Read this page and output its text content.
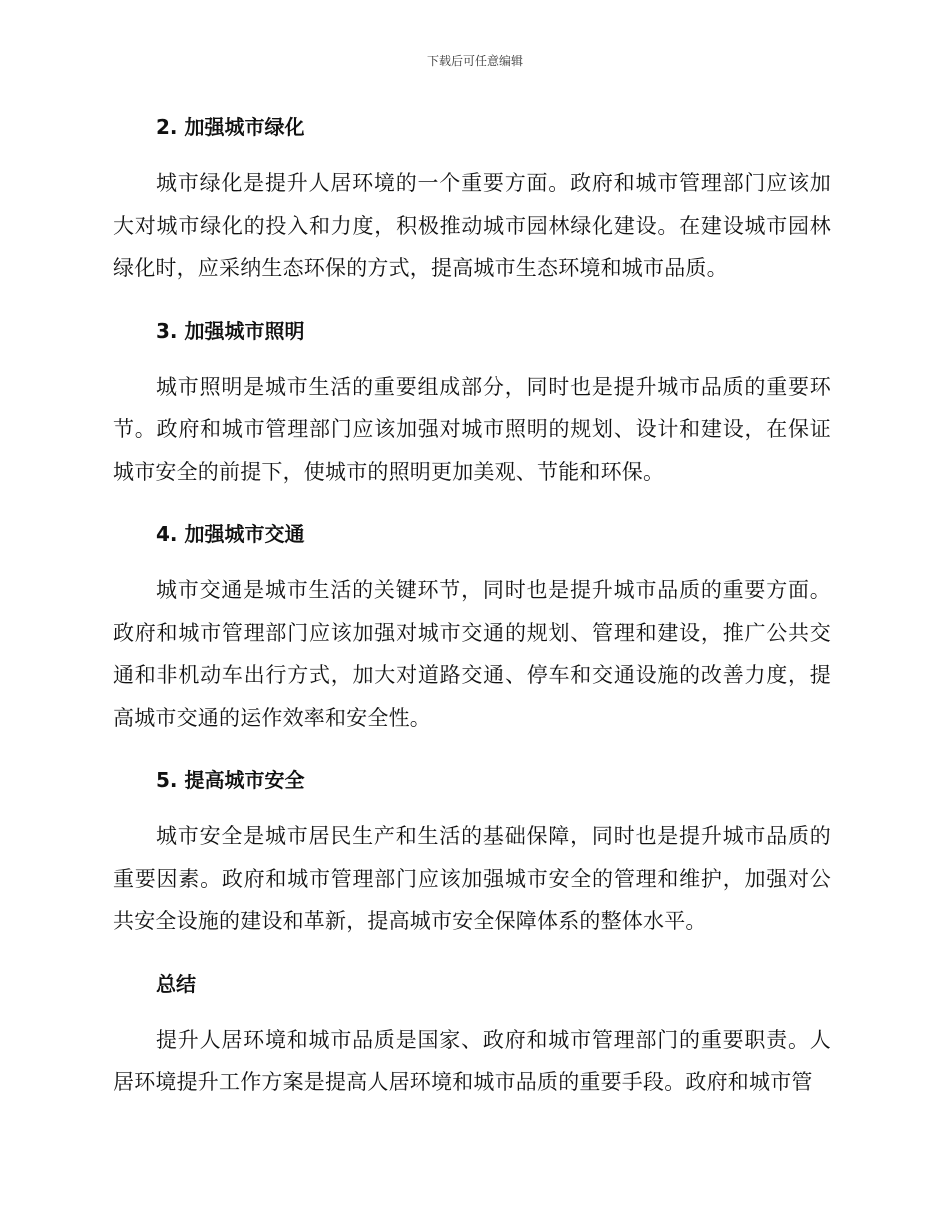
下载后可任意编辑
2. 加强城市绿化

城市绿化是提升人居环境的一个重要方面。政府和城市管理部门应该加大对城市绿化的投入和力度，积极推动城市园林绿化建设。在建设城市园林绿化时，应采纳生态环保的方式，提高城市生态环境和城市品质。

3. 加强城市照明

城市照明是城市生活的重要组成部分，同时也是提升城市品质的重要环节。政府和城市管理部门应该加强对城市照明的规划、设计和建设，在保证城市安全的前提下，使城市的照明更加美观、节能和环保。

4. 加强城市交通

城市交通是城市生活的关键环节，同时也是提升城市品质的重要方面。政府和城市管理部门应该加强对城市交通的规划、管理和建设，推广公共交通和非机动车出行方式，加大对道路交通、停车和交通设施的改善力度，提高城市交通的运作效率和安全性。

5. 提高城市安全

城市安全是城市居民生产和生活的基础保障，同时也是提升城市品质的重要因素。政府和城市管理部门应该加强城市安全的管理和维护，加强对公共安全设施的建设和革新，提高城市安全保障体系的整体水平。

总结

提升人居环境和城市品质是国家、政府和城市管理部门的重要职责。人居环境提升工作方案是提高人居环境和城市品质的重要手段。政府和城市管
